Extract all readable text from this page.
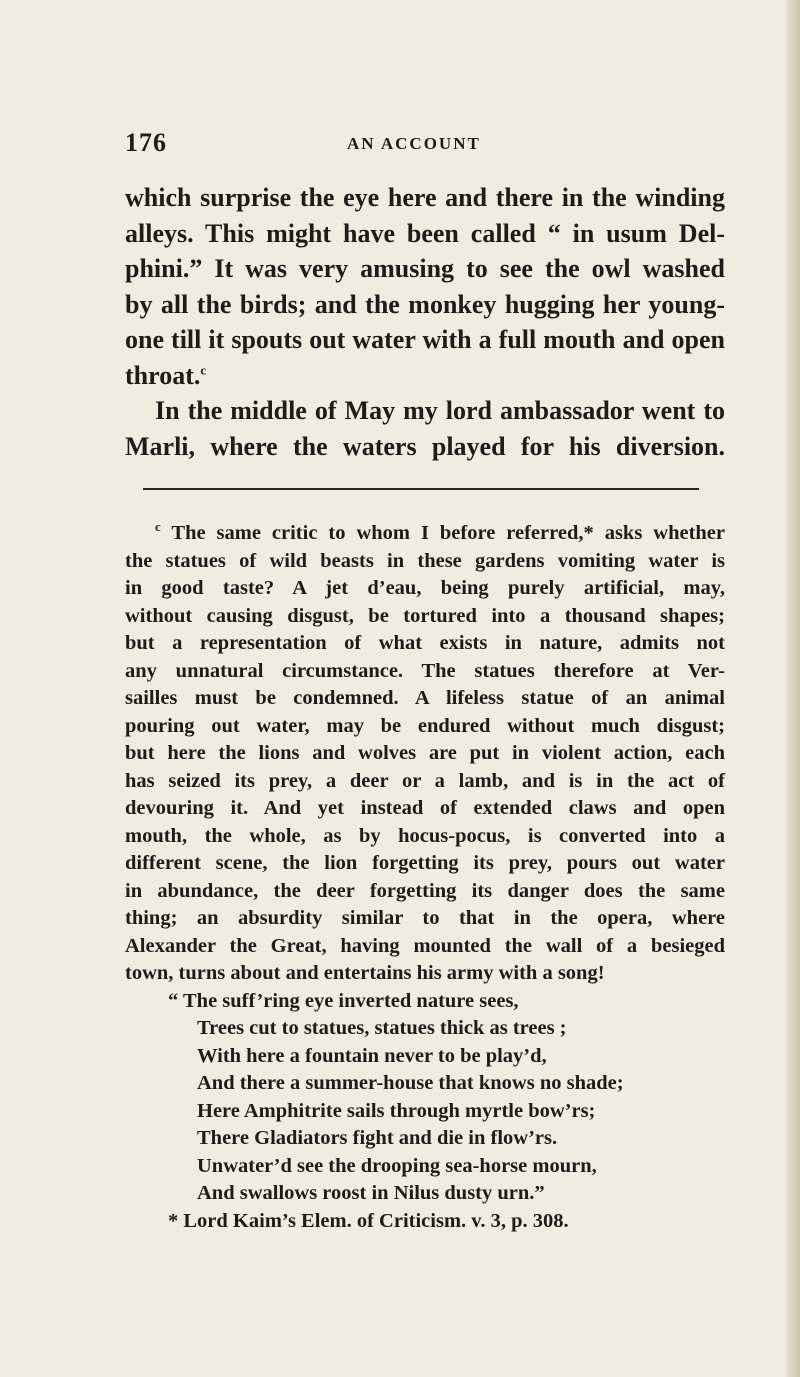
176	AN ACCOUNT
which surprise the eye here and there in the winding
alleys. This might have been called “ in usum Del-
phini.” It was very amusing to see the owl washed
by all the birds; and the monkey hugging her young-
one till it spouts out water with a full mouth and open
throat.$^c$
In the middle of May my lord ambassador went to
Marli, where the waters played for his diversion.
$^c$ The same critic to whom I before referred,* asks whether
the statues of wild beasts in these gardens vomiting water is
in good taste? A jet d’eau, being purely artificial, may,
without causing disgust, be tortured into a thousand shapes;
but a representation of what exists in nature, admits not
any unnatural circumstance. The statues therefore at Ver-
sailles must be condemned. A lifeless statue of an animal
pouring out water, may be endured without much disgust;
but here the lions and wolves are put in violent action, each
has seized its prey, a deer or a lamb, and is in the act of
devouring it. And yet instead of extended claws and open
mouth, the whole, as by hocus-pocus, is converted into a
different scene, the lion forgetting its prey, pours out water
in abundance, the deer forgetting its danger does the same
thing; an absurdity similar to that in the opera, where
Alexander the Great, having mounted the wall of a besieged
town, turns about and entertains his army with a song!
“ The suff’ring eye inverted nature sees,
Trees cut to statues, statues thick as trees ;
With here a fountain never to be play’d,
And there a summer-house that knows no shade;
Here Amphitrite sails through myrtle bow’rs;
There Gladiators fight and die in flow’rs.
Unwater’d see the drooping sea-horse mourn,
And swallows roost in Nilus dusty urn.”
* Lord Kaim’s Elem. of Criticism. v. 3, p. 308.
